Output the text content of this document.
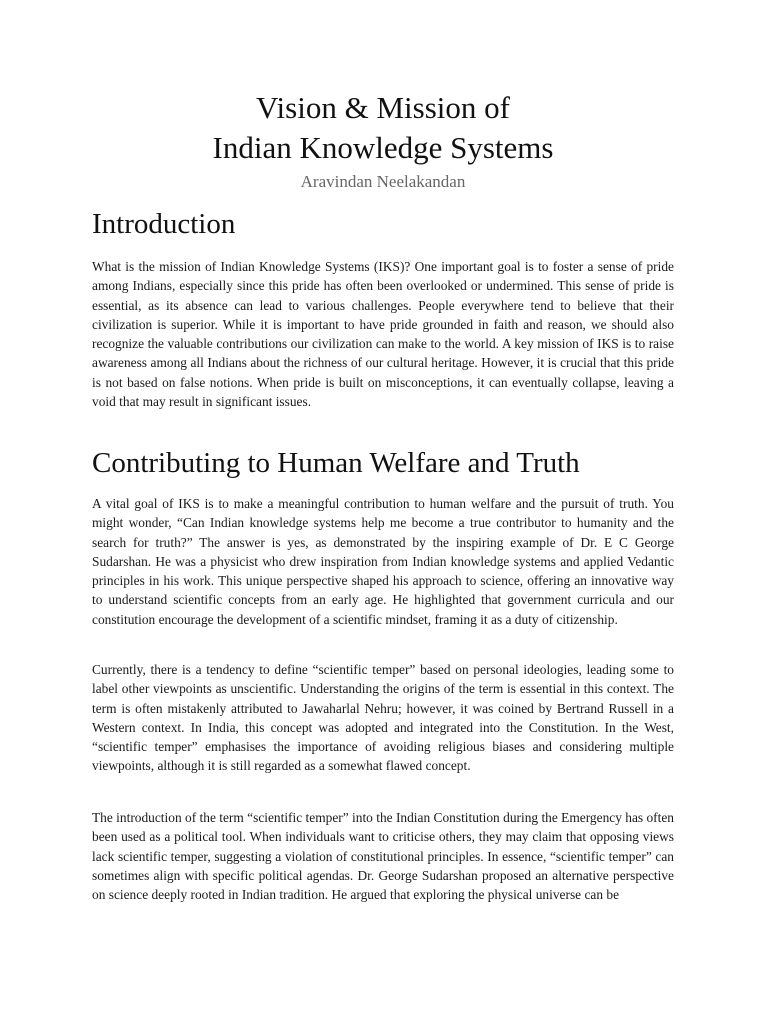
Vision & Mission of
Indian Knowledge Systems
Aravindan Neelakandan
Introduction

What is the mission of Indian Knowledge Systems (IKS)? One important goal is to foster a sense of pride among Indians, especially since this pride has often been overlooked or undermined. This sense of pride is essential, as its absence can lead to various challenges. People everywhere tend to believe that their civilization is superior. While it is important to have pride grounded in faith and reason, we should also recognize the valuable contributions our civilization can make to the world. A key mission of IKS is to raise awareness among all Indians about the richness of our cultural heritage. However, it is crucial that this pride is not based on false notions. When pride is built on misconceptions, it can eventually collapse, leaving a void that may result in significant issues.

Contributing to Human Welfare and Truth

A vital goal of IKS is to make a meaningful contribution to human welfare and the pursuit of truth. You might wonder, “Can Indian knowledge systems help me become a true contributor to humanity and the search for truth?” The answer is yes, as demonstrated by the inspiring example of Dr. E C George Sudarshan. He was a physicist who drew inspiration from Indian knowledge systems and applied Vedantic principles in his work. This unique perspective shaped his approach to science, offering an innovative way to understand scientific concepts from an early age. He highlighted that government curricula and our constitution encourage the development of a scientific mindset, framing it as a duty of citizenship.

Currently, there is a tendency to define “scientific temper” based on personal ideologies, leading some to label other viewpoints as unscientific. Understanding the origins of the term is essential in this context. The term is often mistakenly attributed to Jawaharlal Nehru; however, it was coined by Bertrand Russell in a Western context. In India, this concept was adopted and integrated into the Constitution. In the West, “scientific temper” emphasises the importance of avoiding religious biases and considering multiple viewpoints, although it is still regarded as a somewhat flawed concept.

The introduction of the term “scientific temper” into the Indian Constitution during the Emergency has often been used as a political tool. When individuals want to criticise others, they may claim that opposing views lack scientific temper, suggesting a violation of constitutional principles. In essence, “scientific temper” can sometimes align with specific political agendas. Dr. George Sudarshan proposed an alternative perspective on science deeply rooted in Indian tradition. He argued that exploring the physical universe can be
